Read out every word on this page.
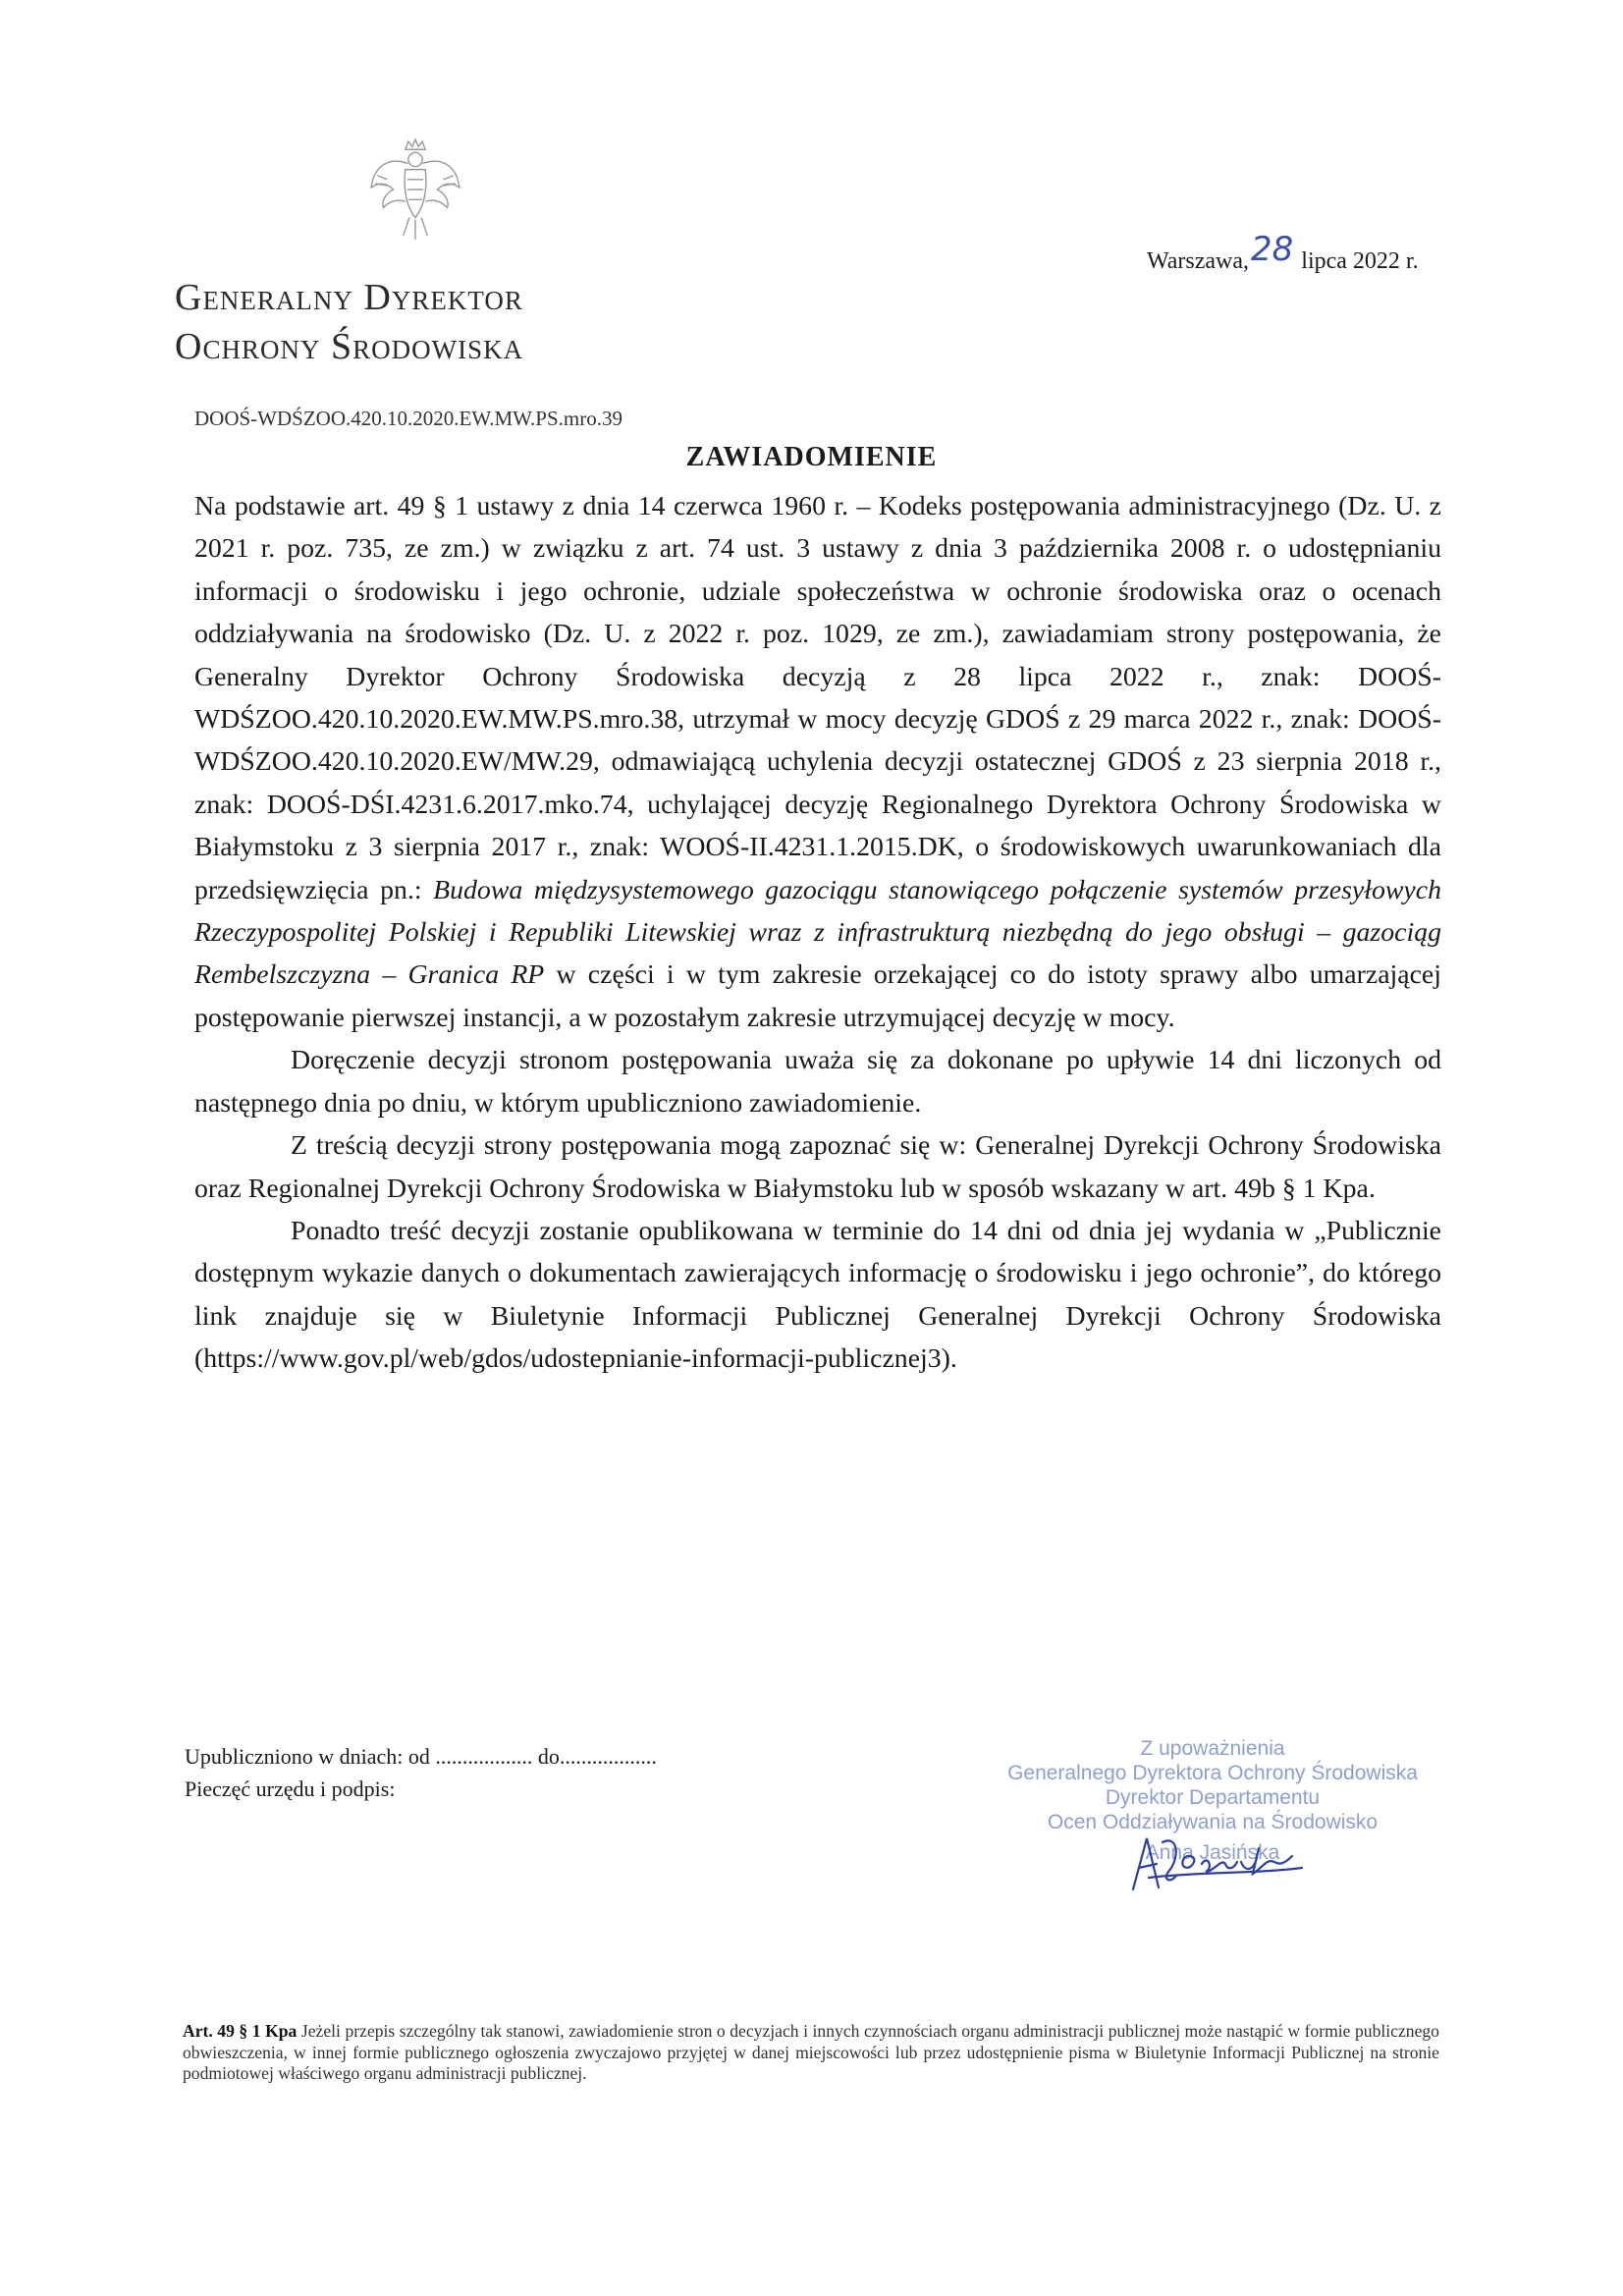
Warszawa,28 lipca 2022 r.
Generalny Dyrektor
Ochrony Środowiska
DOOŚ-WDŚZOO.420.10.2020.EW.MW.PS.mro.39
ZAWIADOMIENIE

Na podstawie art. 49 § 1 ustawy z dnia 14 czerwca 1960 r. – Kodeks postępowania administracyjnego (Dz. U. z 2021 r. poz. 735, ze zm.) w związku z art. 74 ust. 3 ustawy z dnia 3 października 2008 r. o udostępnianiu informacji o środowisku i jego ochronie, udziale społeczeństwa w ochronie środowiska oraz o ocenach oddziaływania na środowisko (Dz. U. z 2022 r. poz. 1029, ze zm.), zawiadamiam strony postępowania, że Generalny Dyrektor Ochrony Środowiska decyzją z 28 lipca 2022 r., znak: DOOŚ-WDŚZOO.420.10.2020.EW.MW.PS.mro.38, utrzymał w mocy decyzję GDOŚ z 29 marca 2022 r., znak: DOOŚ-WDŚZOO.420.10.2020.EW/MW.29, odmawiającą uchylenia decyzji ostatecznej GDOŚ z 23 sierpnia 2018 r., znak: DOOŚ-DŚI.4231.6.2017.mko.74, uchylającej decyzję Regionalnego Dyrektora Ochrony Środowiska w Białymstoku z 3 sierpnia 2017 r., znak: WOOŚ-II.4231.1.2015.DK, o środowiskowych uwarunkowaniach dla przedsięwzięcia pn.: Budowa międzysystemowego gazociągu stanowiącego połączenie systemów przesyłowych Rzeczypospolitej Polskiej i Republiki Litewskiej wraz z infrastrukturą niezbędną do jego obsługi – gazociąg Rembelszczyzna – Granica RP w części i w tym zakresie orzekającej co do istoty sprawy albo umarzającej postępowanie pierwszej instancji, a w pozostałym zakresie utrzymującej decyzję w mocy.

Doręczenie decyzji stronom postępowania uważa się za dokonane po upływie 14 dni liczonych od następnego dnia po dniu, w którym upubliczniono zawiadomienie.

Z treścią decyzji strony postępowania mogą zapoznać się w: Generalnej Dyrekcji Ochrony Środowiska oraz Regionalnej Dyrekcji Ochrony Środowiska w Białymstoku lub w sposób wskazany w art. 49b § 1 Kpa.

Ponadto treść decyzji zostanie opublikowana w terminie do 14 dni od dnia jej wydania w „Publicznie dostępnym wykazie danych o dokumentach zawierających informację o środowisku i jego ochronie”, do którego link znajduje się w Biuletynie Informacji Publicznej Generalnej Dyrekcji Ochrony Środowiska (https://www.gov.pl/web/gdos/udostepnianie-informacji-publicznej3).

Upubliczniono w dniach: od .................. do..................
Pieczęć urzędu i podpis:
Z upoważnienia
Generalnego Dyrektora Ochrony Środowiska
Dyrektor Departamentu
Ocen Oddziaływania na Środowisko
Anna Jasińska
Art. 49 § 1 Kpa Jeżeli przepis szczególny tak stanowi, zawiadomienie stron o decyzjach i innych czynnościach organu administracji publicznej może nastąpić w formie publicznego obwieszczenia, w innej formie publicznego ogłoszenia zwyczajowo przyjętej w danej miejscowości lub przez udostępnienie pisma w Biuletynie Informacji Publicznej na stronie podmiotowej właściwego organu administracji publicznej.
